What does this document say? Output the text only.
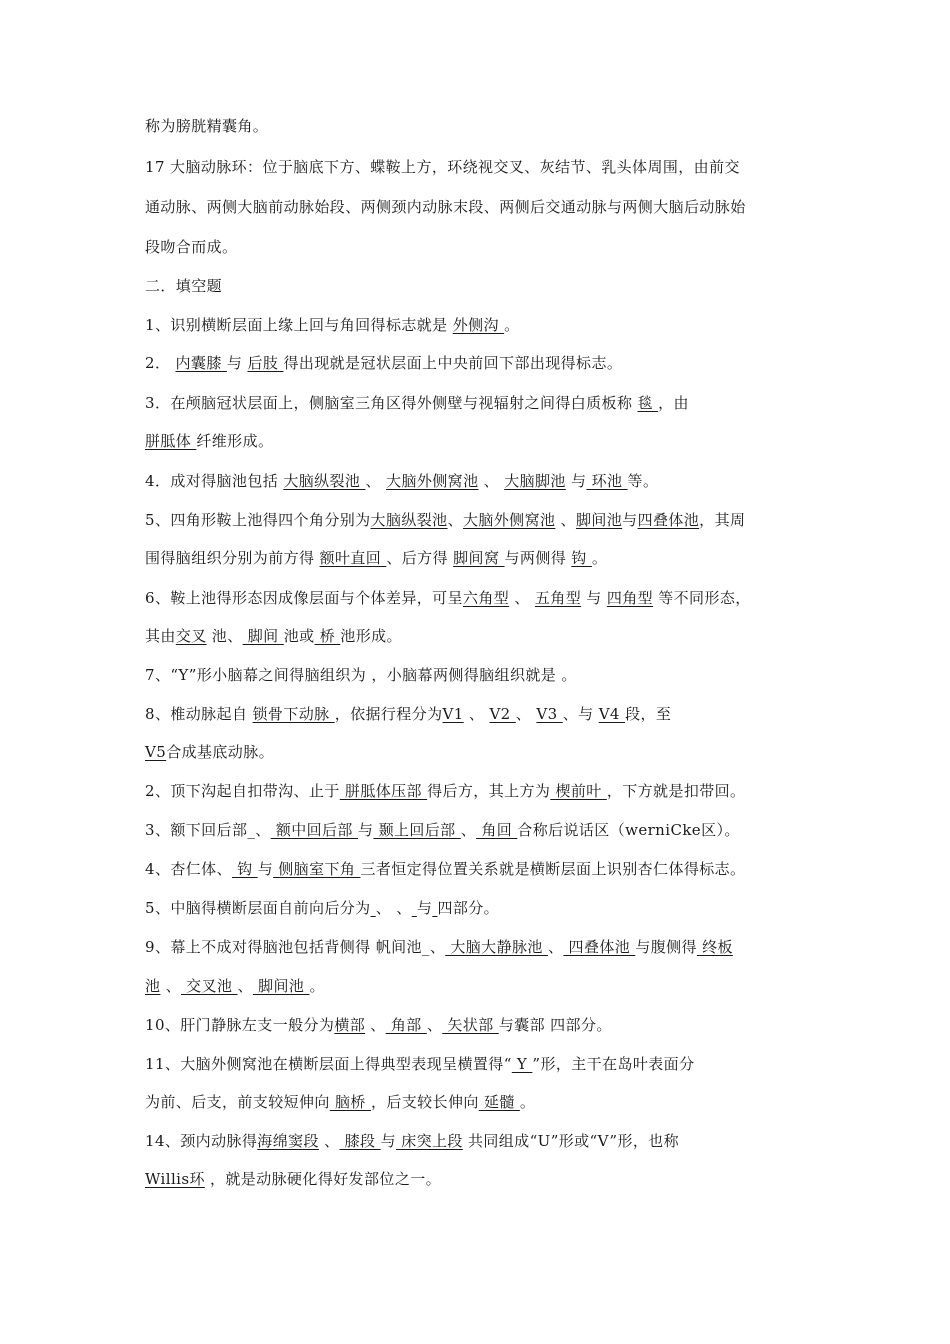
称为膀胱精囊角。
17 大脑动脉环：位于脑底下方、蝶鞍上方，环绕视交叉、灰结节、乳头体周围，由前交
通动脉、两侧大脑前动脉始段、两侧颈内动脉末段、两侧后交通动脉与两侧大脑后动脉始
段吻合而成。
二．填空题
1、识别横断层面上缘上回与角回得标志就是 外侧沟 。
2． 内囊膝 与 后肢 得出现就是冠状层面上中央前回下部出现得标志。
3．在颅脑冠状层面上，侧脑室三角区得外侧壁与视辐射之间得白质板称 毯 ，由
胼胝体 纤维形成。
4．成对得脑池包括 大脑纵裂池 、 大脑外侧窝池 、 大脑脚池 与 环池 等。
5、四角形鞍上池得四个角分别为大脑纵裂池、大脑外侧窝池 、脚间池与四叠体池，其周
围得脑组织分别为前方得 额叶直回 、后方得 脚间窝 与两侧得 钩 。
6、鞍上池得形态因成像层面与个体差异，可呈六角型 、 五角型 与 四角型 等不同形态，
其由交叉 池、 脚间 池或 桥 池形成。
7、“Y”形小脑幕之间得脑组织为 ，小脑幕两侧得脑组织就是 。
8、椎动脉起自 锁骨下动脉 ，依据行程分为V1 、 V2 、 V3 、与 V4 段，至
V5合成基底动脉。
2、顶下沟起自扣带沟、止于 胼胝体压部 得后方，其上方为 楔前叶 ，下方就是扣带回。
3、额下回后部_、 额中回后部 与 颞上回后部 、 角回 合称后说话区（werniCke区）。
4、杏仁体、 钩 与 侧脑室下角 三者恒定得位置关系就是横断层面上识别杏仁体得标志。
5、中脑得横断层面自前向后分为 、 、 与 四部分。
9、幕上不成对得脑池包括背侧得 帆间池_、 大脑大静脉池 、 四叠体池 与腹侧得 终板
池 、 交叉池 、 脚间池 。
10、肝门静脉左支一般分为横部 、 角部 、 矢状部 与囊部 四部分。
11、大脑外侧窝池在横断层面上得典型表现呈横置得“ Y ”形，主干在岛叶表面分
为前、后支，前支较短伸向 脑桥 ，后支较长伸向 延髓 。
14、颈内动脉得海绵窦段 、 膝段 与 床突上段 共同组成“U”形或“V”形，也称
Willis环 ，就是动脉硬化得好发部位之一。
